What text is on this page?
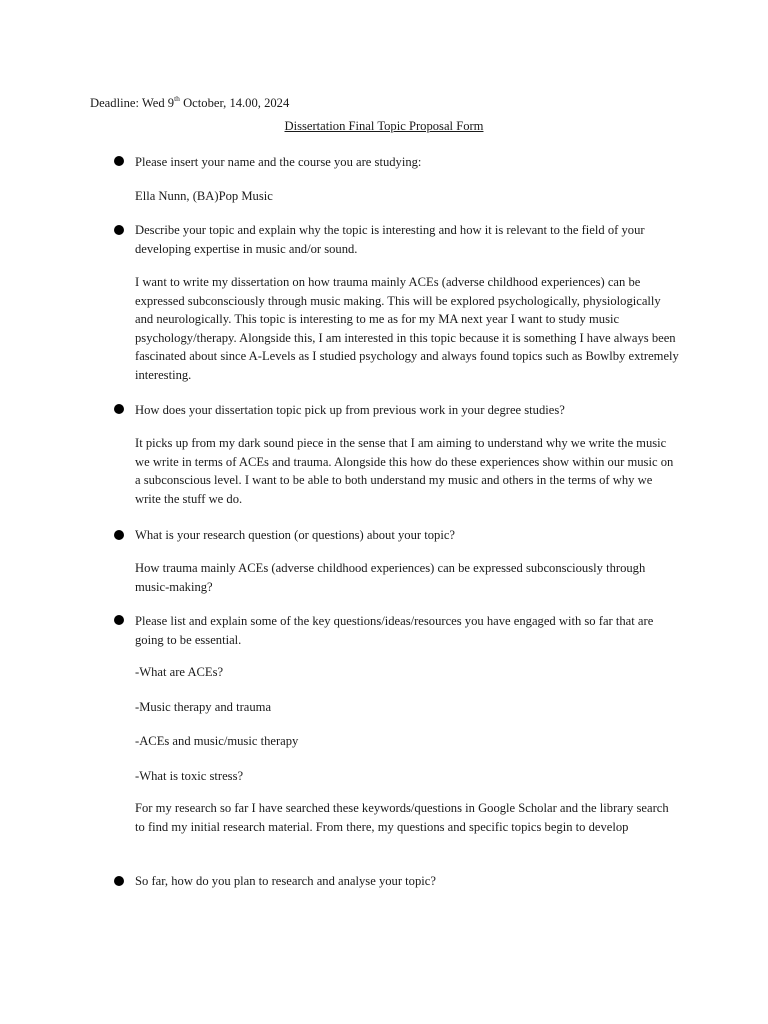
Deadline: Wed 9th October, 14.00, 2024
Dissertation Final Topic Proposal Form
Please insert your name and the course you are studying:
Ella Nunn, (BA)Pop Music
Describe your topic and explain why the topic is interesting and how it is relevant to the field of your developing expertise in music and/or sound.
I want to write my dissertation on how trauma mainly ACEs (adverse childhood experiences) can be expressed subconsciously through music making. This will be explored psychologically, physiologically and neurologically. This topic is interesting to me as for my MA next year I want to study music psychology/therapy. Alongside this, I am interested in this topic because it is something I have always been fascinated about since A-Levels as I studied psychology and always found topics such as Bowlby extremely interesting.
How does your dissertation topic pick up from previous work in your degree studies?
It picks up from my dark sound piece in the sense that I am aiming to understand why we write the music we write in terms of ACEs and trauma. Alongside this how do these experiences show within our music on a subconscious level. I want to be able to both understand my music and others in the terms of why we write the stuff we do.
What is your research question (or questions) about your topic?
How trauma mainly ACEs (adverse childhood experiences) can be expressed subconsciously through music-making?
Please list and explain some of the key questions/ideas/resources you have engaged with so far that are going to be essential.
-What are ACEs?
-Music therapy and trauma
-ACEs and music/music therapy
-What is toxic stress?
For my research so far I have searched these keywords/questions in Google Scholar and the library search to find my initial research material. From there, my questions and specific topics begin to develop
So far, how do you plan to research and analyse your topic?
